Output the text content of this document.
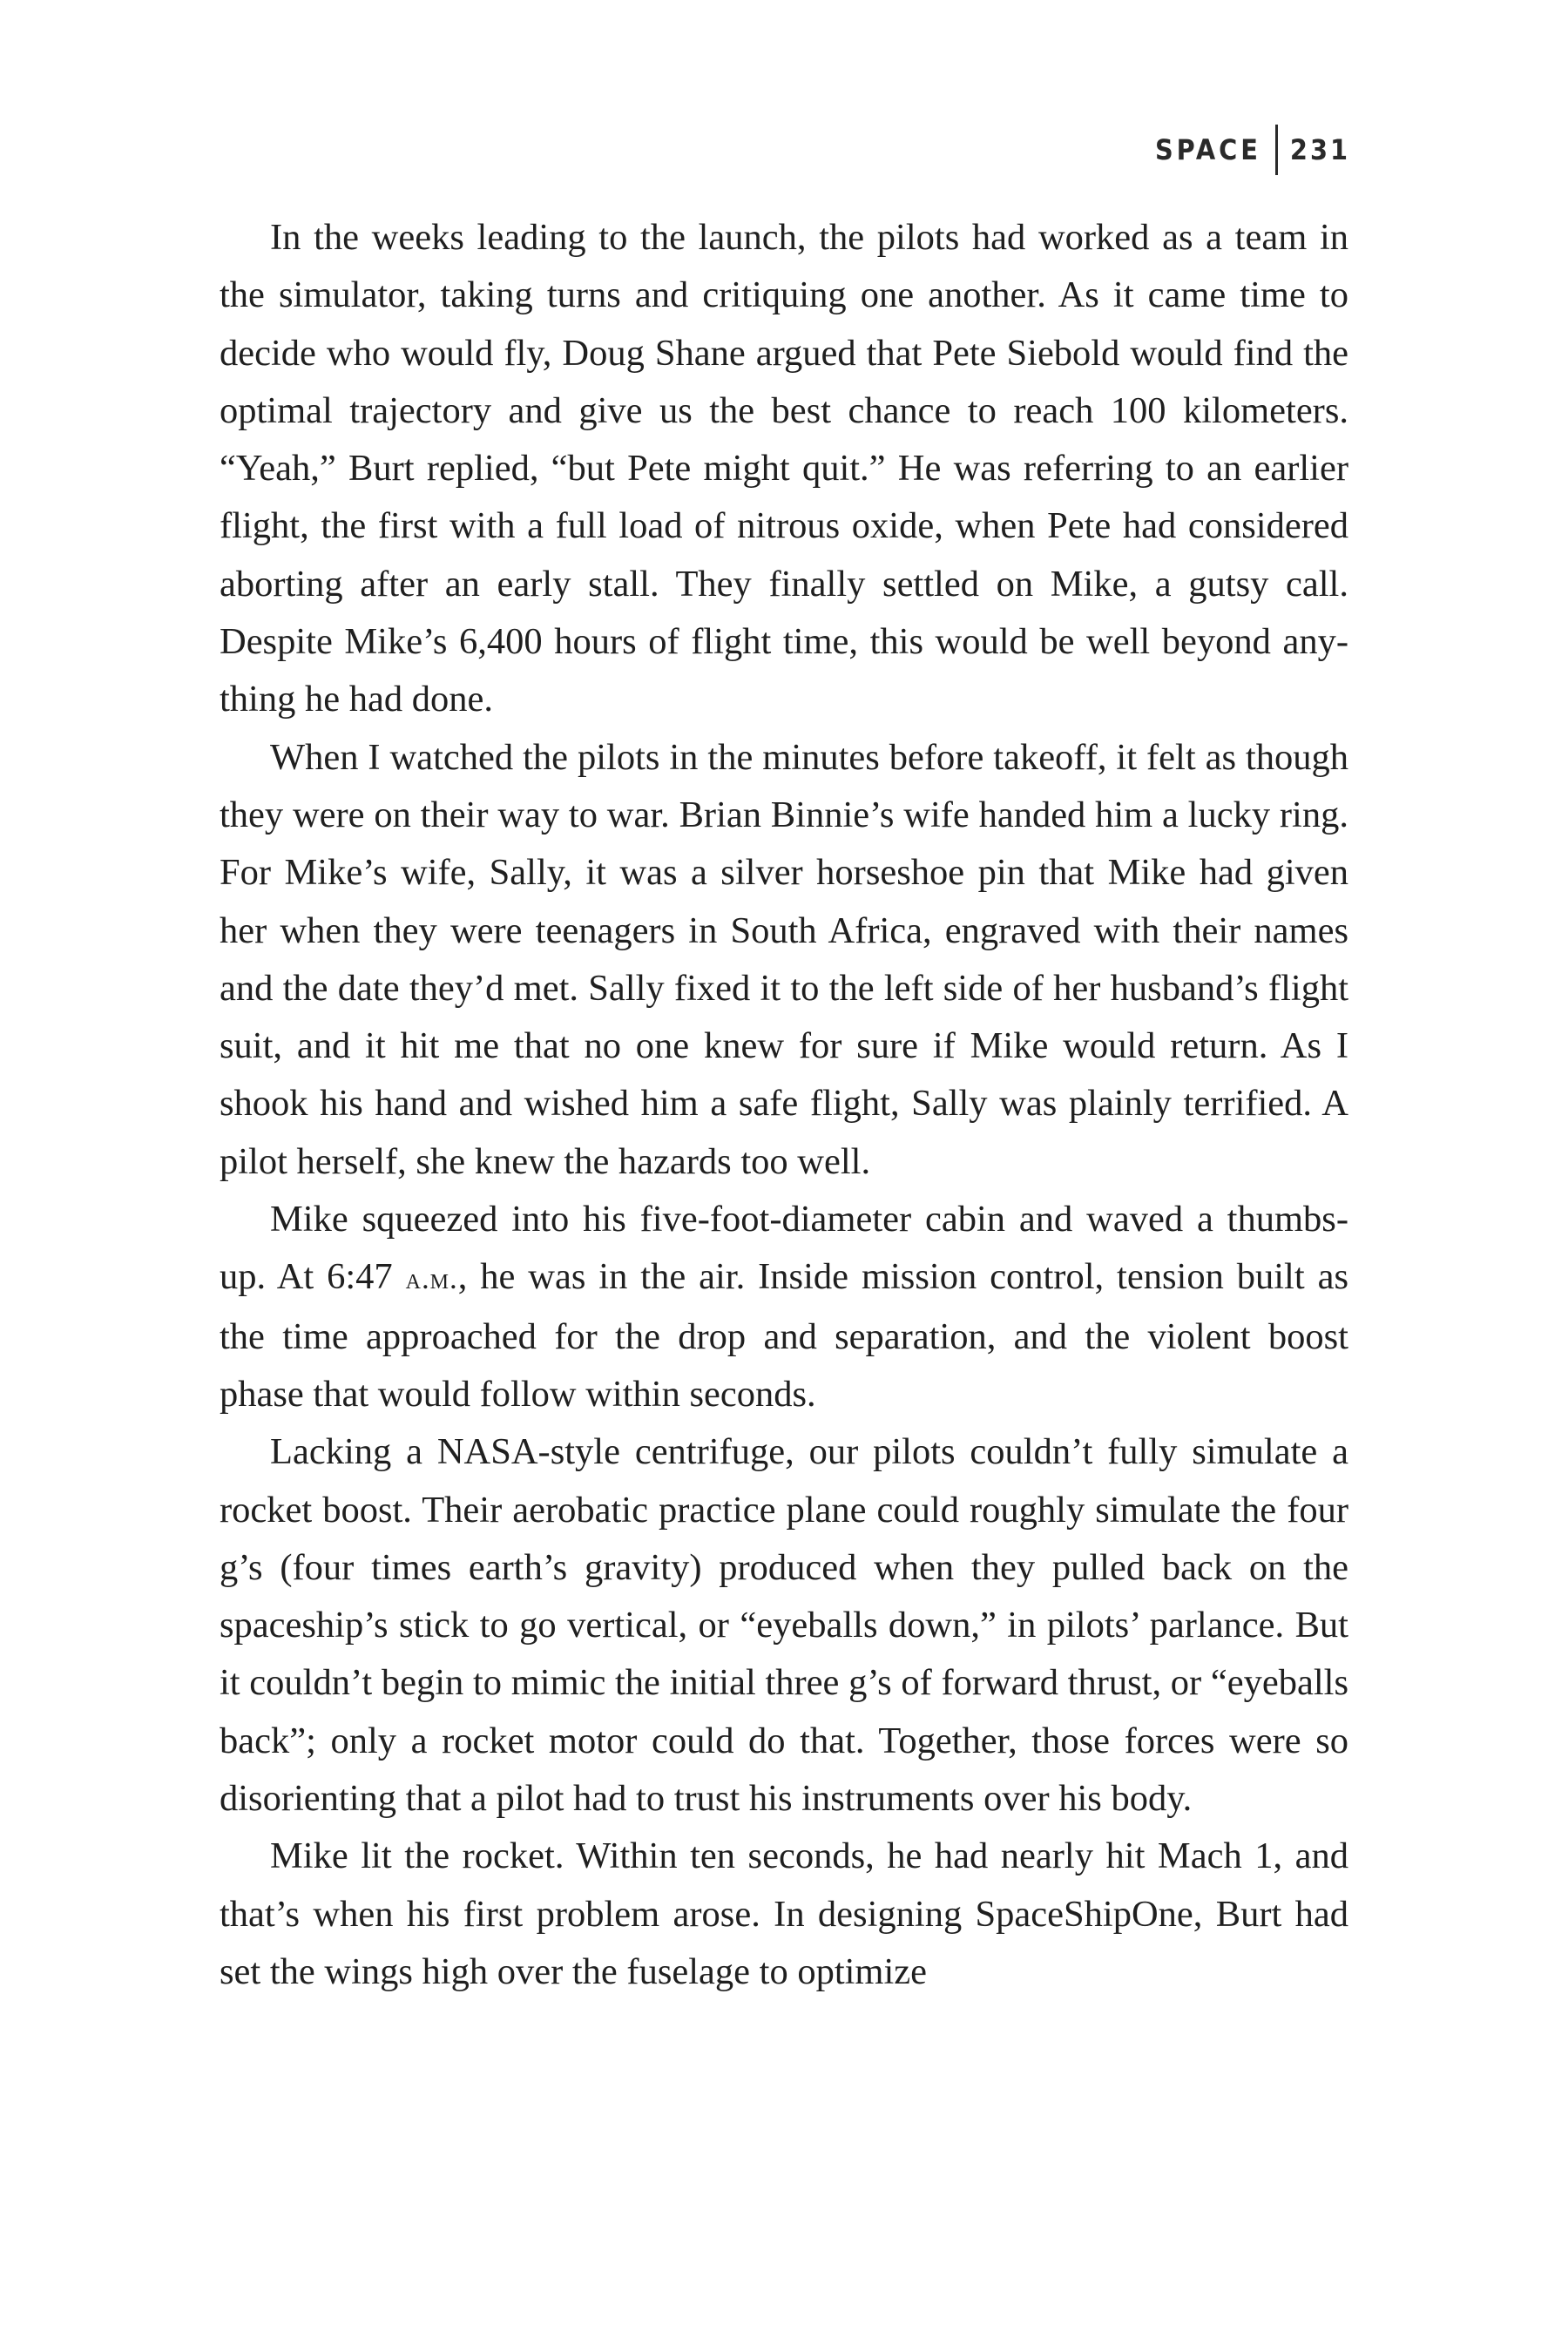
SPACE	231

In the weeks leading to the launch, the pilots had worked as a team in the simulator, taking turns and critiquing one another. As it came time to decide who would fly, Doug Shane argued that Pete Siebold would find the optimal trajectory and give us the best chance to reach 100 kilometers. “Yeah,” Burt replied, “but Pete might quit.” He was referring to an earlier flight, the first with a full load of nitrous oxide, when Pete had considered aborting after an early stall. They finally settled on Mike, a gutsy call. Despite Mike’s 6,400 hours of flight time, this would be well beyond anything he had done.

When I watched the pilots in the minutes before takeoff, it felt as though they were on their way to war. Brian Binnie’s wife handed him a lucky ring. For Mike’s wife, Sally, it was a silver horseshoe pin that Mike had given her when they were teenagers in South Africa, engraved with their names and the date they’d met. Sally fixed it to the left side of her husband’s flight suit, and it hit me that no one knew for sure if Mike would return. As I shook his hand and wished him a safe flight, Sally was plainly terrified. A pilot herself, she knew the hazards too well.

Mike squeezed into his five-foot-diameter cabin and waved a thumbs-up. At 6:47 a.m., he was in the air. Inside mission control, tension built as the time approached for the drop and separation, and the violent boost phase that would follow within seconds.

Lacking a NASA-style centrifuge, our pilots couldn’t fully simulate a rocket boost. Their aerobatic practice plane could roughly simulate the four g’s (four times earth’s gravity) produced when they pulled back on the spaceship’s stick to go vertical, or “eyeballs down,” in pilots’ parlance. But it couldn’t begin to mimic the initial three g’s of forward thrust, or “eyeballs back”; only a rocket motor could do that. Together, those forces were so disorienting that a pilot had to trust his instruments over his body.

Mike lit the rocket. Within ten seconds, he had nearly hit Mach 1, and that’s when his first problem arose. In designing SpaceShipOne, Burt had set the wings high over the fuselage to optimize
